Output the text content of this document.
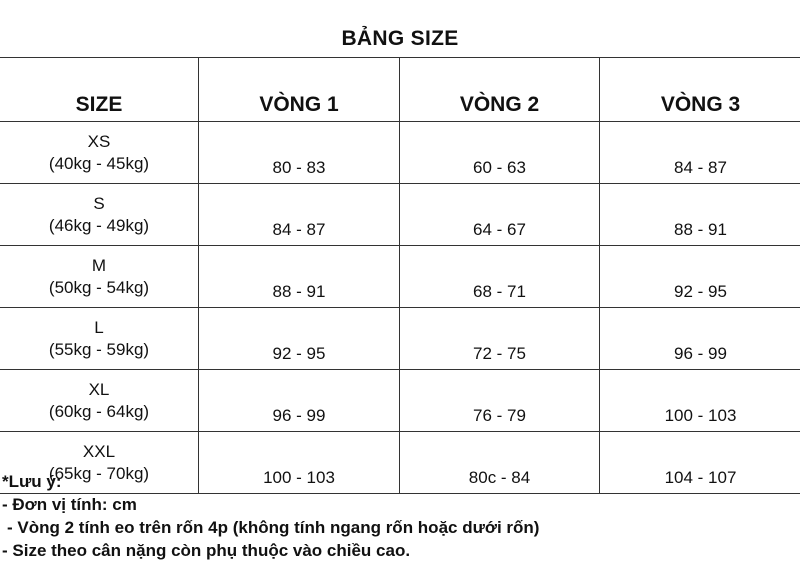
BẢNG SIZE
SIZE	VÒNG 1	VÒNG 2	VÒNG 3

XS
(40kg - 45kg)	80 - 83	60 - 63	84 - 87

S
(46kg - 49kg)	84 - 87	64 - 67	88 - 91

M
(50kg - 54kg)	88 - 91	68 - 71	92 - 95

L
(55kg - 59kg)	92 - 95	72 - 75	96 - 99

XL
(60kg - 64kg)	96 - 99	76 - 79	100 - 103

XXL
(65kg - 70kg)	100 - 103	80c - 84	104 - 107
*Lưu ý:
- Đơn vị tính: cm
- Vòng 2 tính eo trên rốn 4p (không tính ngang rốn hoặc dưới rốn)
- Size theo cân nặng còn phụ thuộc vào chiều cao.
